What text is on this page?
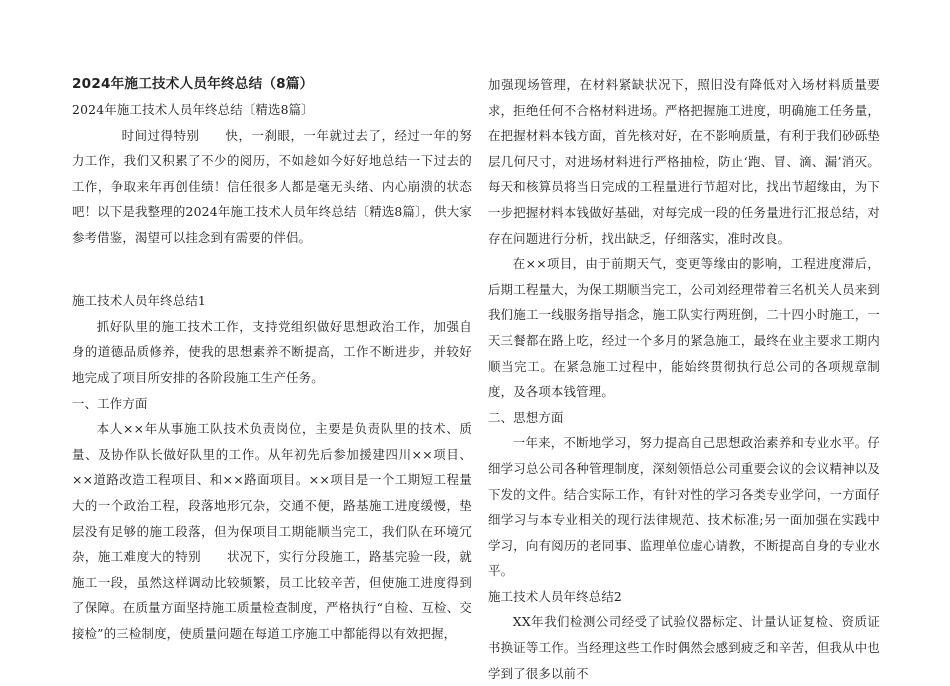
2024年施工技术人员年终总结（8篇）

2024年施工技术人员年终总结〔精选8篇〕

时间过得特别　　快，一刹眼，一年就过去了，经过一年的努力工作，我们又积累了不少的阅历，不如趁如今好好地总结一下过去的工作，争取来年再创佳绩！信任很多人都是毫无头绪、内心崩溃的状态吧！以下是我整理的2024年施工技术人员年终总结〔精选8篇〕，供大家参考借鉴，渴望可以挂念到有需要的伴侣。

施工技术人员年终总结1

抓好队里的施工技术工作，支持党组织做好思想政治工作，加强自身的道德品质修养，使我的思想素养不断提高，工作不断进步，并较好地完成了项目所安排的各阶段施工生产任务。

一、工作方面

本人××年从事施工队技术负责岗位，主要是负责队里的技术、质量、及协作队长做好队里的工作。从年初先后参加援建四川××项目、××道路改造工程项目、和××路面项目。××项目是一个工期短工程量大的一个政治工程，段落地形冗杂，交通不便，路基施工进度缓慢，垫层没有足够的施工段落，但为保项目工期能顺当完工，我们队在环境冗杂，施工难度大的特别　　状况下，实行分段施工，路基完验一段，就施工一段，虽然这样调动比较频繁，员工比较辛苦，但使施工进度得到了保障。在质量方面坚持施工质量检查制度，严格执行“自检、互检、交接检”的三检制度，使质量问题在每道工序施工中都能得以有效把握，

加强现场管理，在材料紧缺状况下，照旧没有降低对入场材料质量要求，拒绝任何不合格材料进场。严格把握施工进度，明确施工任务量，在把握材料本钱方面，首先核对好，在不影响质量，有利于我们砂砾垫层几何尺寸，对进场材料进行严格抽检，防止‘跑、冒、滴、漏’消灭。每天和核算员将当日完成的工程量进行节超对比，找出节超缘由，为下一步把握材料本钱做好基础，对每完成一段的任务量进行汇报总结，对存在问题进行分析，找出缺乏，仔细落实，准时改良。

在××项目，由于前期天气，变更等缘由的影响，工程进度滞后，后期工程量大，为保工期顺当完工，公司刘经理带着三名机关人员来到我们施工一线服务指导指念，施工队实行两班倒，二十四小时施工，一天三餐都在路上吃，经过一个多月的紧急施工，最终在业主要求工期内顺当完工。在紧急施工过程中，能始终贯彻执行总公司的各项规章制度，及各项本钱管理。

二、思想方面

一年来，不断地学习，努力提高自己思想政治素养和专业水平。仔细学习总公司各种管理制度，深刻领悟总公司重要会议的会议精神以及下发的文件。结合实际工作，有针对性的学习各类专业学问，一方面仔细学习与本专业相关的现行法律规范、技术标准;另一面加强在实践中学习，向有阅历的老同事、监理单位虚心请教，不断提高自身的专业水平。

施工技术人员年终总结2

XX年我们检测公司经受了试验仪器标定、计量认证复检、资质证书换证等工作。当经理这些工作时偶然会感到疲乏和辛苦，但我从中也学到了很多以前不
